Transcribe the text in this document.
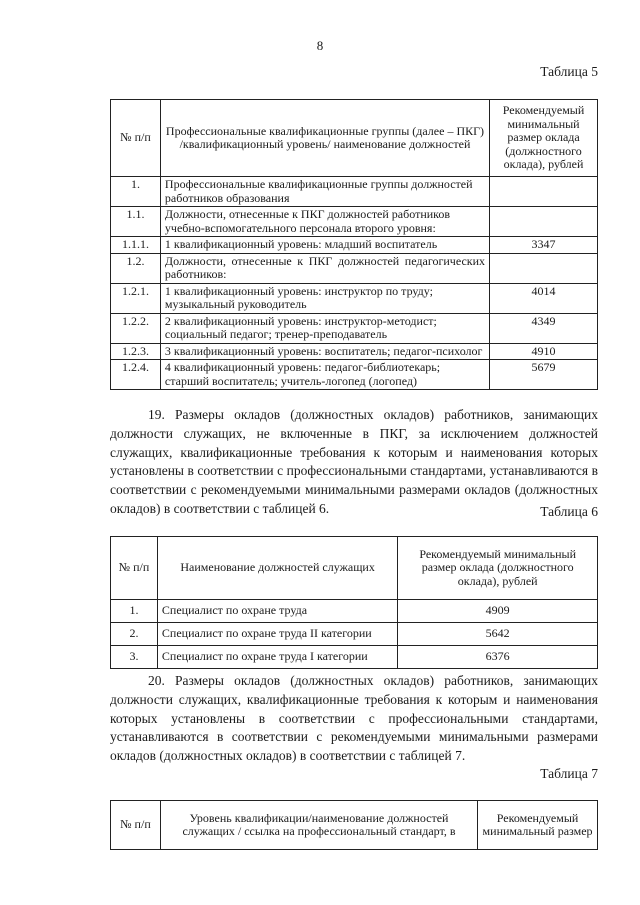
8
Таблица 5
№ п/п	Профессиональные квалификационные группы (далее – ПКГ) /квалификационный уровень/ наименование должностей	Рекомендуемый минимальный размер оклада (должностного оклада), рублей
1.	Профессиональные квалификационные группы должностей работников образования	
1.1.	Должности, отнесенные к ПКГ должностей работников учебно-вспомогательного персонала второго уровня:	
1.1.1.	1 квалификационный уровень: младший воспитатель	3347
1.2.	Должности, отнесенные к ПКГ должностей педагогических работников:	
1.2.1.	1 квалификационный уровень: инструктор по труду; музыкальный руководитель	4014
1.2.2.	2 квалификационный уровень: инструктор-методист; социальный педагог; тренер-преподаватель	4349
1.2.3.	3 квалификационный уровень: воспитатель; педагог-психолог	4910
1.2.4.	4 квалификационный уровень: педагог-библиотекарь; старший воспитатель; учитель-логопед (логопед)	5679

19. Размеры окладов (должностных окладов) работников, занимающих должности служащих, не включенные в ПКГ, за исключением должностей служащих, квалификационные требования к которым и наименования которых установлены в соответствии с профессиональными стандартами, устанавливаются в соответствии с рекомендуемыми минимальными размерами окладов (должностных окладов) в соответствии с таблицей 6.	Таблица 6
№ п/п	Наименование должностей служащих	Рекомендуемый минимальный размер оклада (должностного оклада), рублей
1.	Специалист по охране труда	4909
2.	Специалист по охране труда II категории	5642
3.	Специалист по охране труда I категории	6376

20. Размеры окладов (должностных окладов) работников, занимающих должности служащих, квалификационные требования к которым и наименования которых установлены в соответствии с профессиональными стандартами, устанавливаются в соответствии с рекомендуемыми минимальными размерами окладов (должностных окладов) в соответствии с таблицей 7.

Таблица 7
№ п/п	Уровень квалификации/наименование должностей служащих / ссылка на профессиональный стандарт, в	Рекомендуемый минимальный размер
